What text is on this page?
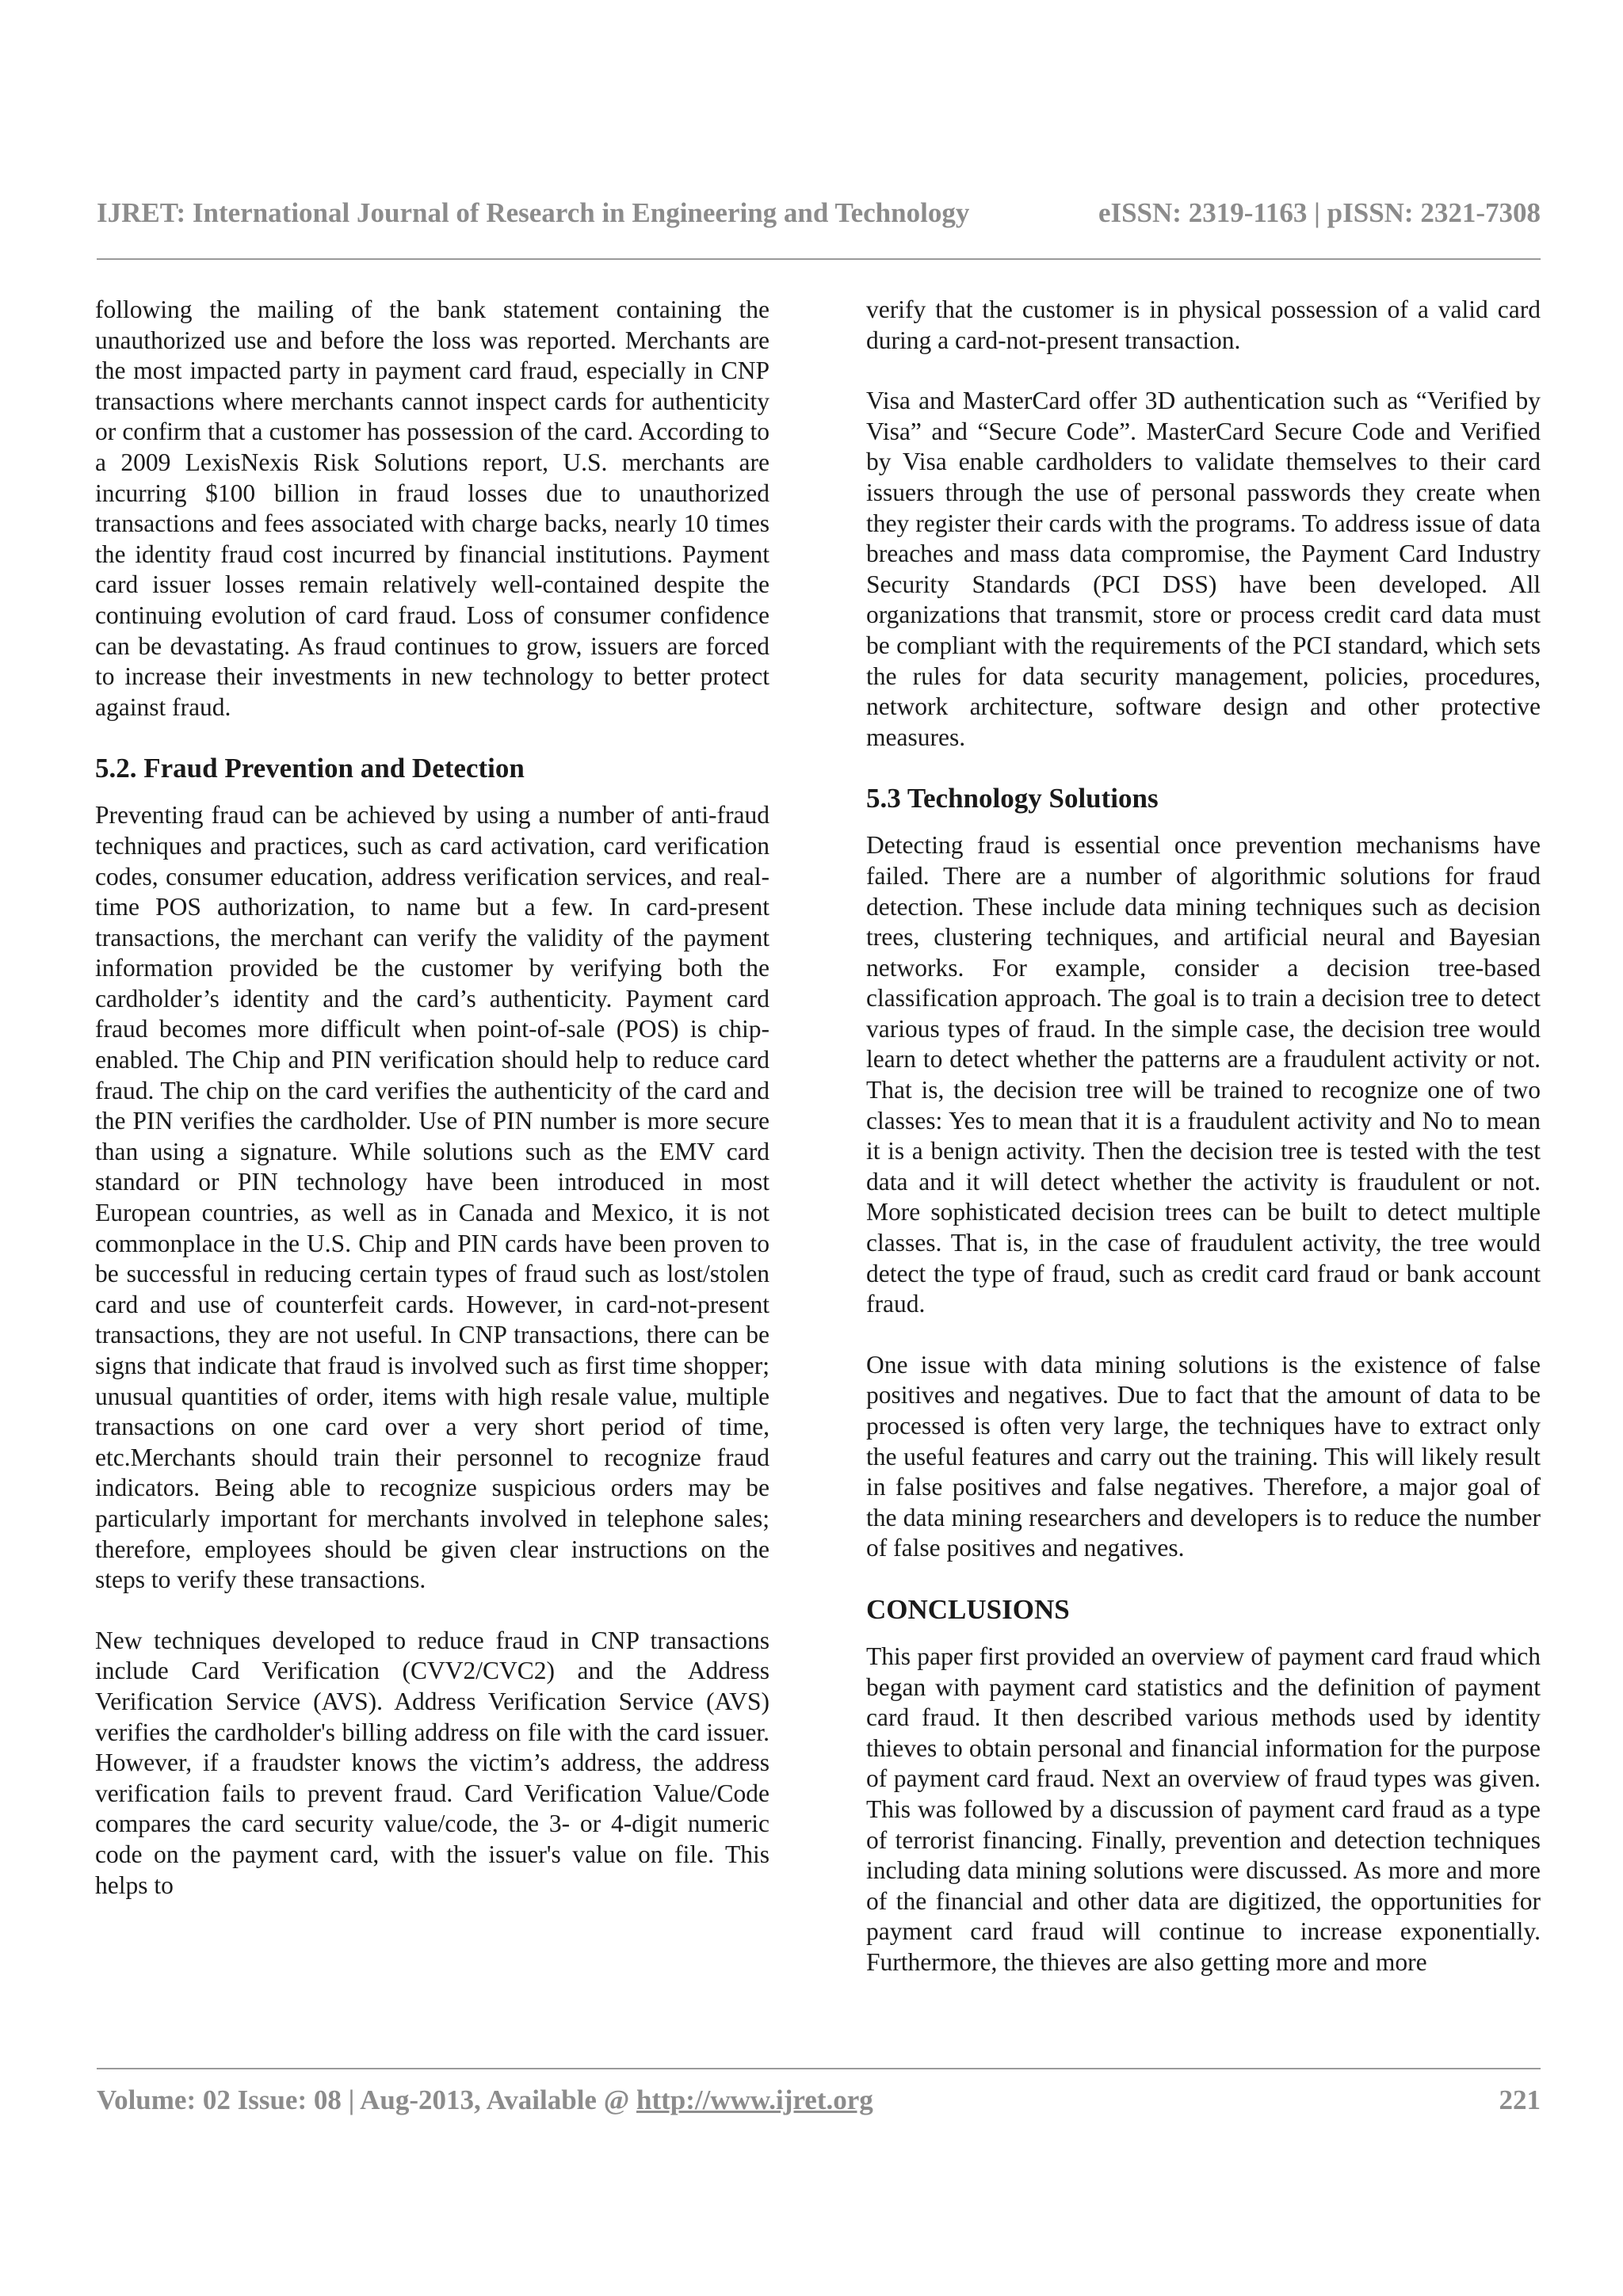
IJRET: International Journal of Research in Engineering and Technology	eISSN: 2319-1163 | pISSN: 2321-7308

following the mailing of the bank statement containing the unauthorized use and before the loss was reported. Merchants are the most impacted party in payment card fraud, especially in CNP transactions where merchants cannot inspect cards for authenticity or confirm that a customer has possession of the card. According to a 2009 LexisNexis Risk Solutions report, U.S. merchants are incurring $100 billion in fraud losses due to unauthorized transactions and fees associated with charge backs, nearly 10 times the identity fraud cost incurred by financial institutions. Payment card issuer losses remain relatively well-contained despite the continuing evolution of card fraud. Loss of consumer confidence can be devastating. As fraud continues to grow, issuers are forced to increase their investments in new technology to better protect against fraud.

5.2. Fraud Prevention and Detection

Preventing fraud can be achieved by using a number of anti-fraud techniques and practices, such as card activation, card verification codes, consumer education, address verification services, and real-time POS authorization, to name but a few. In card-present transactions, the merchant can verify the validity of the payment information provided be the customer by verifying both the cardholder’s identity and the card’s authenticity. Payment card fraud becomes more difficult when point-of-sale (POS) is chip-enabled. The Chip and PIN verification should help to reduce card fraud. The chip on the card verifies the authenticity of the card and the PIN verifies the cardholder. Use of PIN number is more secure than using a signature. While solutions such as the EMV card standard or PIN technology have been introduced in most European countries, as well as in Canada and Mexico, it is not commonplace in the U.S. Chip and PIN cards have been proven to be successful in reducing certain types of fraud such as lost/stolen card and use of counterfeit cards. However, in card-not-present transactions, they are not useful. In CNP transactions, there can be signs that indicate that fraud is involved such as first time shopper; unusual quantities of order, items with high resale value, multiple transactions on one card over a very short period of time, etc.Merchants should train their personnel to recognize fraud indicators. Being able to recognize suspicious orders may be particularly important for merchants involved in telephone sales; therefore, employees should be given clear instructions on the steps to verify these transactions.

New techniques developed to reduce fraud in CNP transactions include Card Verification (CVV2/CVC2) and the Address Verification Service (AVS). Address Verification Service (AVS) verifies the cardholder's billing address on file with the card issuer. However, if a fraudster knows the victim’s address, the address verification fails to prevent fraud. Card Verification Value/Code compares the card security value/code, the 3- or 4-digit numeric code on the payment card, with the issuer's value on file. This helps to

verify that the customer is in physical possession of a valid card during a card-not-present transaction.

Visa and MasterCard offer 3D authentication such as “Verified by Visa” and “Secure Code”. MasterCard Secure Code and Verified by Visa enable cardholders to validate themselves to their card issuers through the use of personal passwords they create when they register their cards with the programs. To address issue of data breaches and mass data compromise, the Payment Card Industry Security Standards (PCI DSS) have been developed. All organizations that transmit, store or process credit card data must be compliant with the requirements of the PCI standard, which sets the rules for data security management, policies, procedures, network architecture, software design and other protective measures.

5.3 Technology Solutions

Detecting fraud is essential once prevention mechanisms have failed. There are a number of algorithmic solutions for fraud detection. These include data mining techniques such as decision trees, clustering techniques, and artificial neural and Bayesian networks. For example, consider a decision tree-based classification approach. The goal is to train a decision tree to detect various types of fraud. In the simple case, the decision tree would learn to detect whether the patterns are a fraudulent activity or not. That is, the decision tree will be trained to recognize one of two classes: Yes to mean that it is a fraudulent activity and No to mean it is a benign activity. Then the decision tree is tested with the test data and it will detect whether the activity is fraudulent or not. More sophisticated decision trees can be built to detect multiple classes. That is, in the case of fraudulent activity, the tree would detect the type of fraud, such as credit card fraud or bank account fraud.

One issue with data mining solutions is the existence of false positives and negatives. Due to fact that the amount of data to be processed is often very large, the techniques have to extract only the useful features and carry out the training. This will likely result in false positives and false negatives. Therefore, a major goal of the data mining researchers and developers is to reduce the number of false positives and negatives.

CONCLUSIONS

This paper first provided an overview of payment card fraud which began with payment card statistics and the definition of payment card fraud. It then described various methods used by identity thieves to obtain personal and financial information for the purpose of payment card fraud. Next an overview of fraud types was given. This was followed by a discussion of payment card fraud as a type of terrorist financing. Finally, prevention and detection techniques including data mining solutions were discussed. As more and more of the financial and other data are digitized, the opportunities for payment card fraud will continue to increase exponentially. Furthermore, the thieves are also getting more and more

Volume: 02 Issue: 08 | Aug-2013, Available @ http://www.ijret.org	221
